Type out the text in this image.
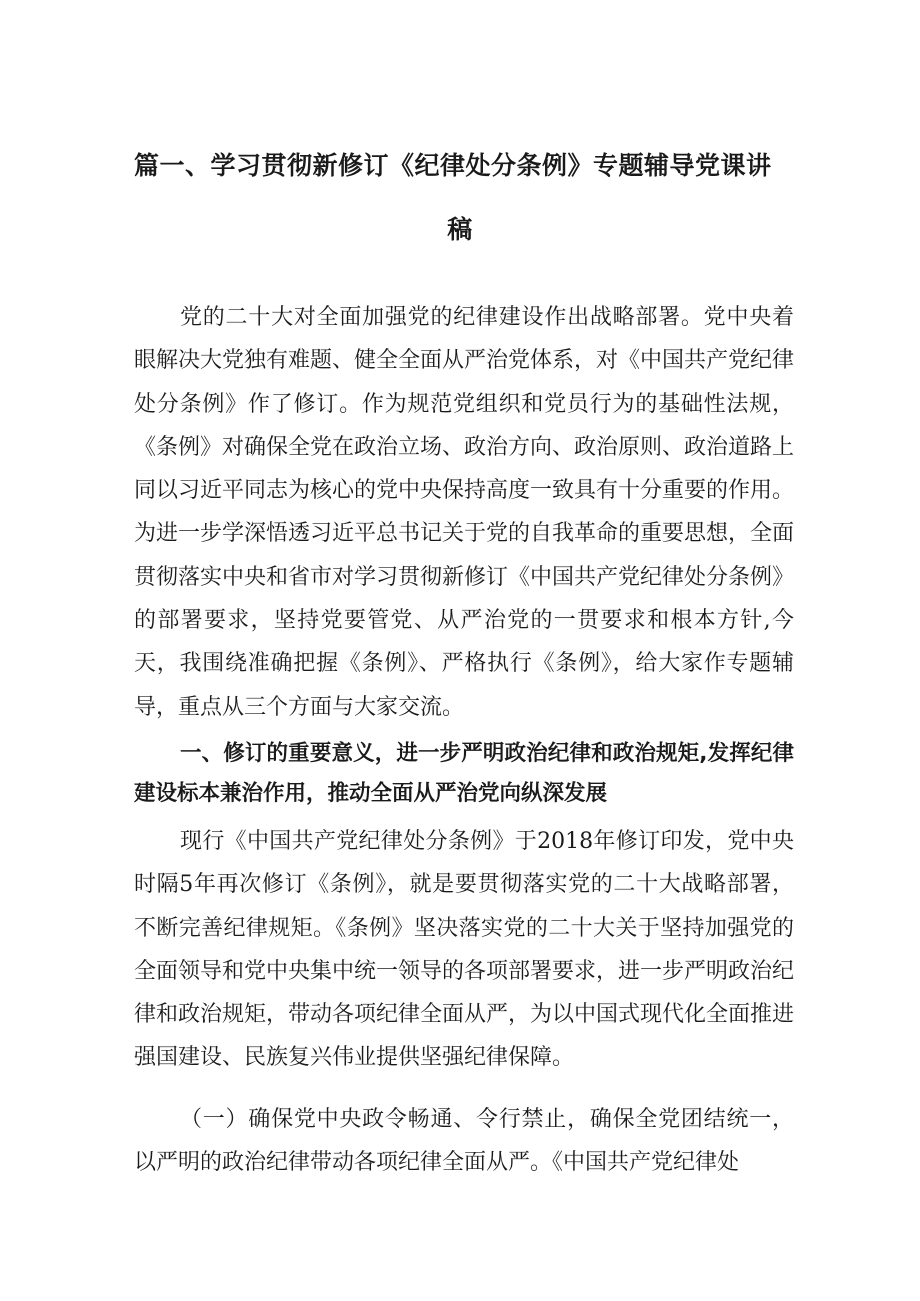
篇一、学习贯彻新修订《纪律处分条例》专题辅导党课讲
稿

党的二十大对全面加强党的纪律建设作出战略部署。党中央着眼解决大党独有难题、健全全面从严治党体系，对《中国共产党纪律处分条例》作了修订。作为规范党组织和党员行为的基础性法规，《条例》对确保全党在政治立场、政治方向、政治原则、政治道路上同以习近平同志为核心的党中央保持高度一致具有十分重要的作用。为进一步学深悟透习近平总书记关于党的自我革命的重要思想，全面贯彻落实中央和省市对学习贯彻新修订《中国共产党纪律处分条例》的部署要求，坚持党要管党、从严治党的一贯要求和根本方针,今天，我围绕准确把握《条例》、严格执行《条例》，给大家作专题辅导，重点从三个方面与大家交流。

一、修订的重要意义，进一步严明政治纪律和政治规矩,发挥纪律建设标本兼治作用，推动全面从严治党向纵深发展

现行《中国共产党纪律处分条例》于2018年修订印发，党中央时隔5年再次修订《条例》，就是要贯彻落实党的二十大战略部署，不断完善纪律规矩。《条例》坚决落实党的二十大关于坚持加强党的全面领导和党中央集中统一领导的各项部署要求，进一步严明政治纪律和政治规矩，带动各项纪律全面从严，为以中国式现代化全面推进强国建设、民族复兴伟业提供坚强纪律保障。

（一）确保党中央政令畅通、令行禁止，确保全党团结统一，以严明的政治纪律带动各项纪律全面从严。《中国共产党纪律处
